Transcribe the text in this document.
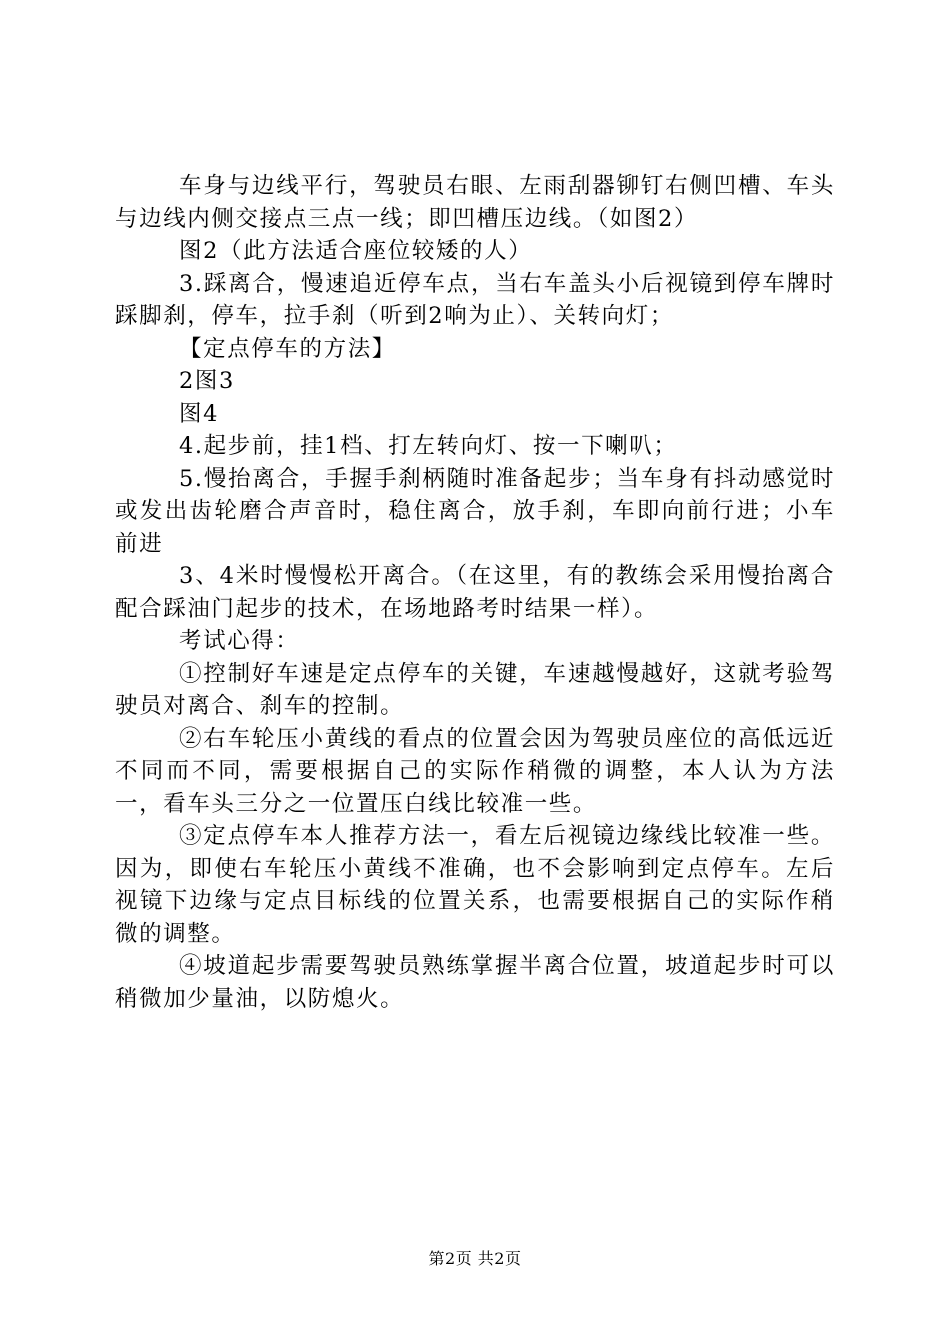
车身与边线平行，驾驶员右眼、左雨刮器铆钉右侧凹槽、车头与边线内侧交接点三点一线；即凹槽压边线。（如图2）

图2（此方法适合座位较矮的人）

3.踩离合，慢速追近停车点，当右车盖头小后视镜到停车牌时踩脚刹，停车，拉手刹（听到2响为止）、关转向灯；

【定点停车的方法】

2图3

图4

4.起步前，挂1档、打左转向灯、按一下喇叭；

5.慢抬离合，手握手刹柄随时准备起步；当车身有抖动感觉时或发出齿轮磨合声音时，稳住离合，放手刹，车即向前行进；小车前进

3、4米时慢慢松开离合。（在这里，有的教练会采用慢抬离合配合踩油门起步的技术，在场地路考时结果一样）。

考试心得：

①控制好车速是定点停车的关键，车速越慢越好，这就考验驾驶员对离合、刹车的控制。

②右车轮压小黄线的看点的位置会因为驾驶员座位的高低远近不同而不同，需要根据自己的实际作稍微的调整，本人认为方法一，看车头三分之一位置压白线比较准一些。

③定点停车本人推荐方法一，看左后视镜边缘线比较准一些。因为，即使右车轮压小黄线不准确，也不会影响到定点停车。左后视镜下边缘与定点目标线的位置关系，也需要根据自己的实际作稍微的调整。

④坡道起步需要驾驶员熟练掌握半离合位置，坡道起步时可以稍微加少量油，以防熄火。

第2页 共2页
